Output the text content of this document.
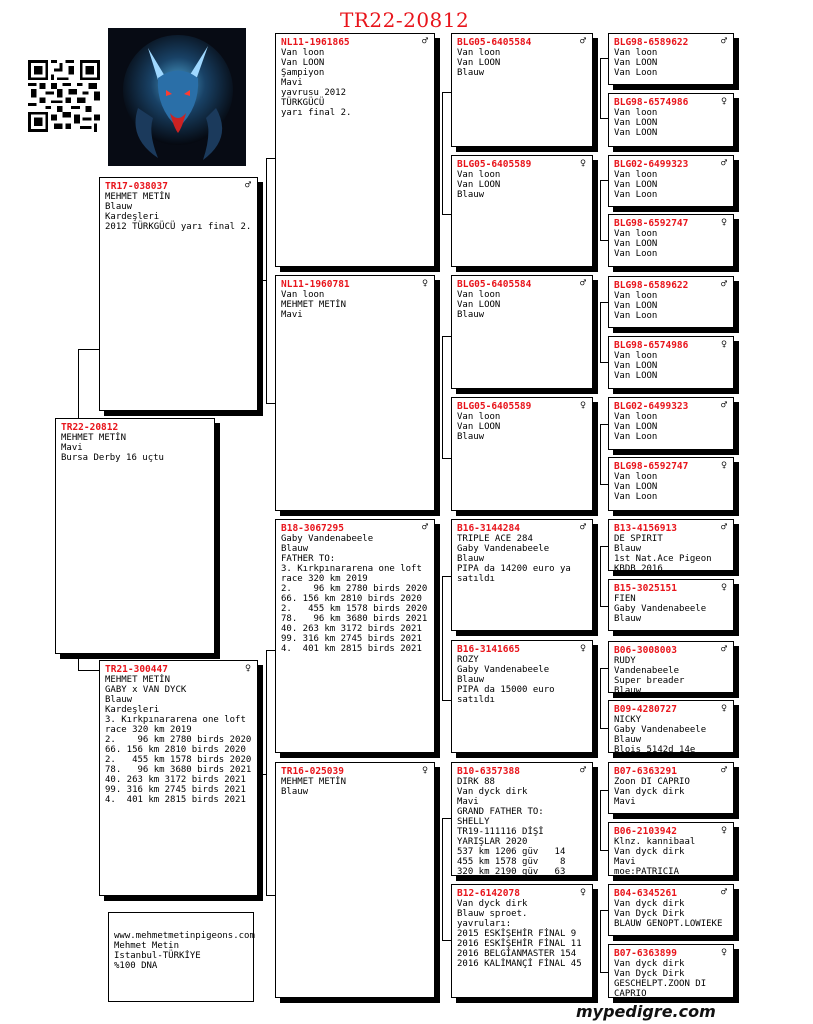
TR22-20812
TR22-20812
MEHMET METİN
Mavi
Bursa Derby 16 uçtu
TR17-038037	♂
MEHMET METİN
Blauw
Kardeşleri
2012 TÜRKGÜCÜ yarı final 2.
TR21-300447	♀
MEHMET METİN
GABY x VAN DYCK
Blauw
Kardeşleri
3. Kırkpınararena one loft
race 320 km 2019
2.    96 km 2780 birds 2020
66. 156 km 2810 birds 2020
2.   455 km 1578 birds 2020
78.   96 km 3680 birds 2021
40. 263 km 3172 birds 2021
99. 316 km 2745 birds 2021
4.  401 km 2815 birds 2021
NL11-1961865	♂
Van loon
Van LOON
Şampiyon
Mavi
yavrusu 2012
TÜRKGÜCÜ
yarı final 2.
NL11-1960781	♀
Van loon
MEHMET METİN
Mavi
B18-3067295	♂
Gaby Vandenabeele
Blauw
FATHER TO:
3. Kırkpınararena one loft
race 320 km 2019
2.    96 km 2780 birds 2020
66. 156 km 2810 birds 2020
2.   455 km 1578 birds 2020
78.   96 km 3680 birds 2021
40. 263 km 3172 birds 2021
99. 316 km 2745 birds 2021
4.  401 km 2815 birds 2021
TR16-025039	♀
MEHMET METİN
Blauw
BLG05-6405584	♂
Van loon
Van LOON
Blauw
BLG05-6405589	♀
Van loon
Van LOON
Blauw
BLG05-6405584	♂
Van loon
Van LOON
Blauw
BLG05-6405589	♀
Van loon
Van LOON
Blauw
B16-3144284	♂
TRIPLE ACE 284
Gaby Vandenabeele
Blauw
PIPA da 14200 euro ya
satıldı
B16-3141665	♀
ROZY
Gaby Vandenabeele
Blauw
PIPA da 15000 euro
satıldı
B10-6357388	♂
DIRK 88
Van dyck dirk
Mavi
GRAND FATHER TO:
SHELLY
TR19-111116 DİŞİ
YARIŞLAR 2020
537 km 1206 güv   14
455 km 1578 güv    8
320 km 2190 güv   63
B12-6142078	♀
Van dyck dirk
Blauw sproet.
yavruları:
2015 ESKİŞEHİR FİNAL 9
2016 ESKİŞEHİR FİNAL 11
2016 BELGİANMASTER 154
2016 KALİMANÇİ FİNAL 45
BLG98-6589622	♂
Van loon
Van LOON
Van Loon
BLG98-6574986	♀
Van loon
Van LOON
Van LOON
BLG02-6499323	♂
Van loon
Van LOON
Van Loon
BLG98-6592747	♀
Van loon
Van LOON
Van Loon
BLG98-6589622	♂
Van loon
Van LOON
Van Loon
BLG98-6574986	♀
Van loon
Van LOON
Van LOON
BLG02-6499323	♂
Van loon
Van LOON
Van Loon
BLG98-6592747	♀
Van loon
Van LOON
Van Loon
B13-4156913	♂
DE SPIRIT
Blauw
1st Nat.Ace Pigeon
KBDB 2016
B15-3025151	♀
FIEN
Gaby Vandenabeele
Blauw
B06-3008003	♂
RUDY
Vandenabeele
Super breader
Blauw
B09-4280727	♀
NICKY
Gaby Vandenabeele
Blauw
Blois 5142d 14e
B07-6363291	♂
Zoon DI CAPRIO
Van dyck dirk
Mavi
B06-2103942	♀
Klnz. kannibaal
Van dyck dirk
Mavi
moe:PATRICIA
B04-6345261	♂
Van dyck dirk
Van Dyck Dirk
BLAUW GENOPT.LOWIEKE
B07-6363899	♀
Van dyck dirk
Van Dyck Dirk
GESCHELPT.ZOON DI
CAPRIO
www.mehmetmetinpigeons.com
Mehmet Metin
Istanbul-TÜRKİYE
%100 DNA
mypedigre.com
